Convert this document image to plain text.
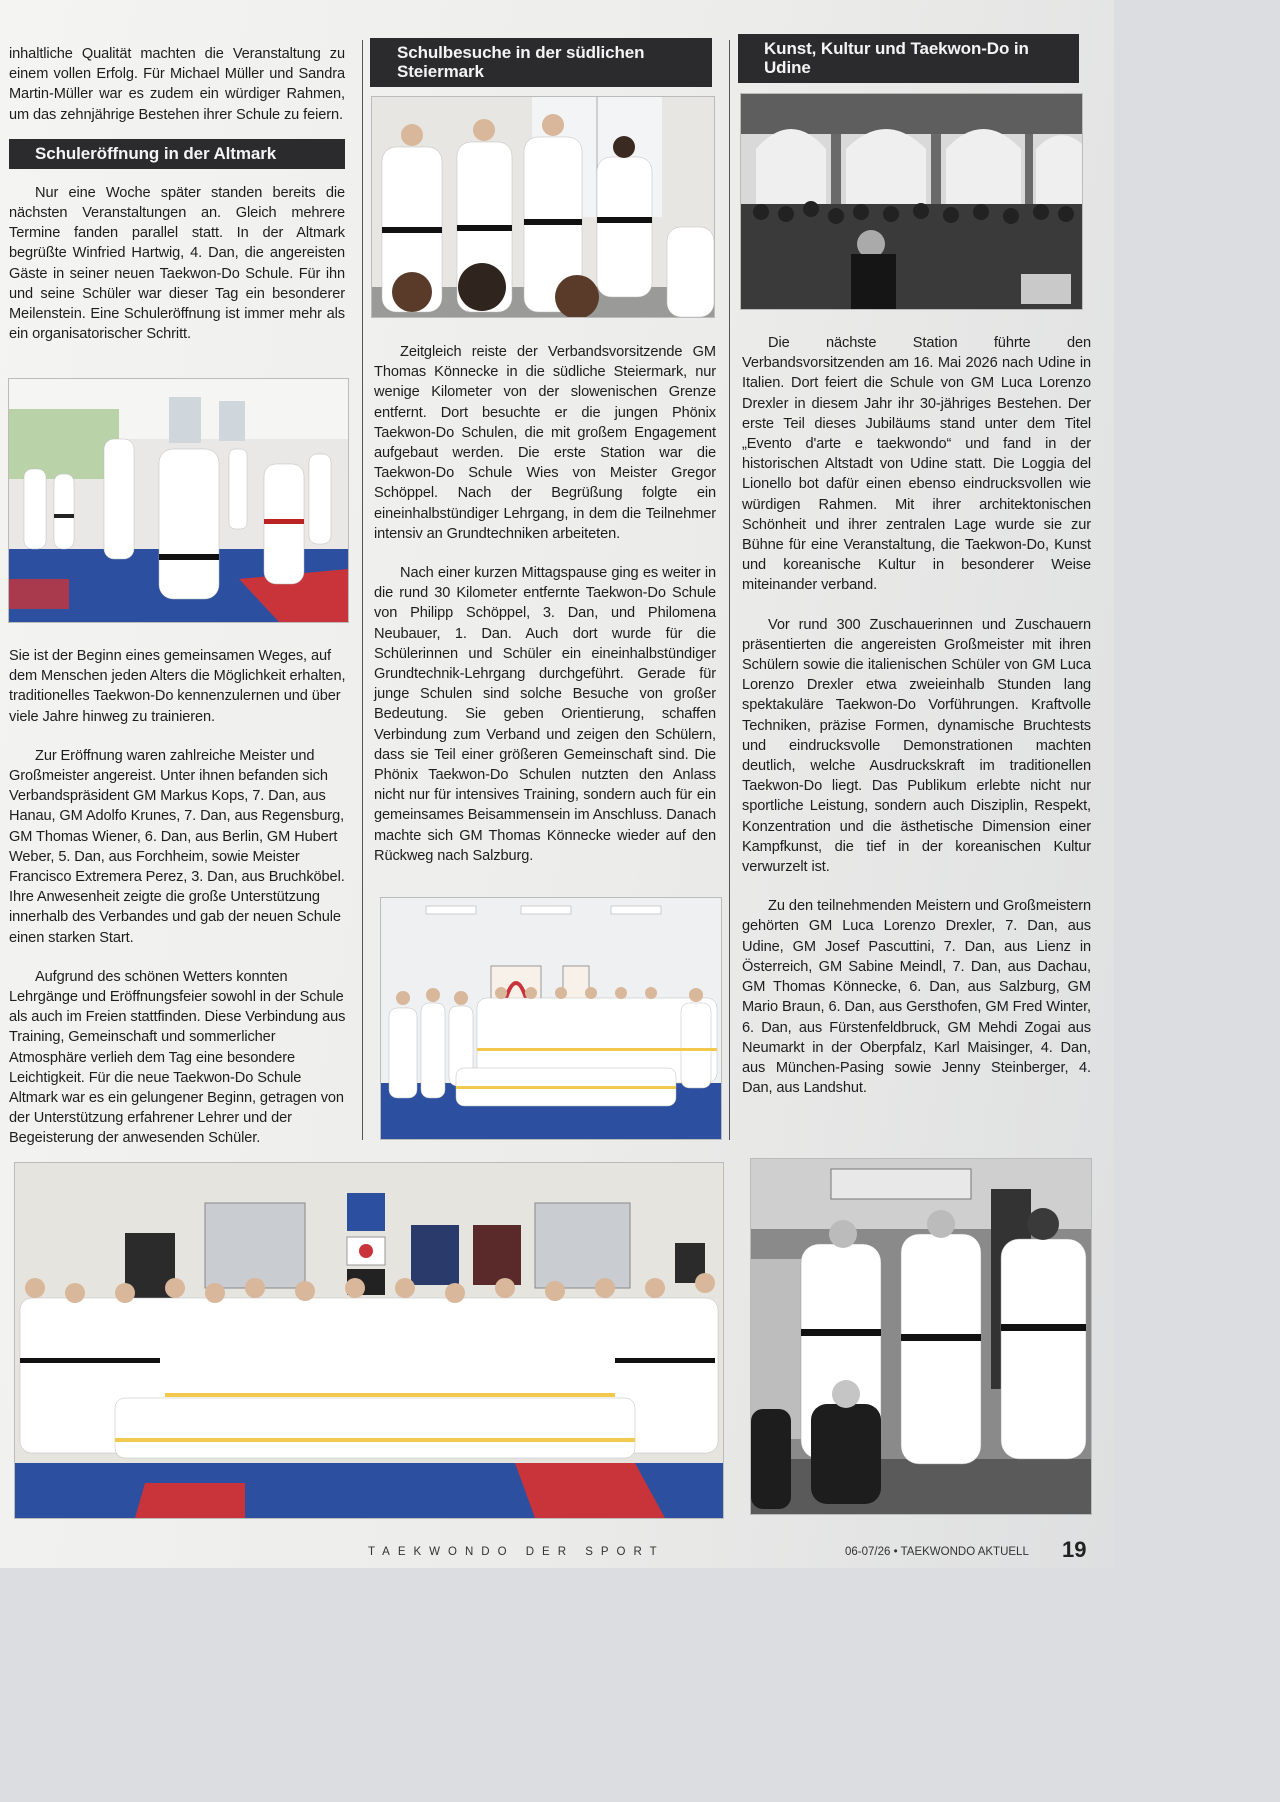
inhaltliche Qualität machten die Veranstaltung zu einem vollen Erfolg. Für Michael Müller und Sandra Martin-Müller war es zudem ein würdiger Rahmen, um das zehnjährige Bestehen ihrer Schule zu feiern.

Schuleröffnung in der Altmark

Nur eine Woche später standen bereits die nächsten Veranstaltungen an. Gleich mehrere Termine fanden parallel statt. In der Altmark begrüßte Winfried Hartwig, 4. Dan, die angereisten Gäste in seiner neuen Taekwon-Do Schule. Für ihn und seine Schüler war dieser Tag ein besonderer Meilenstein. Eine Schuleröffnung ist immer mehr als ein organisatorischer Schritt.

Sie ist der Beginn eines gemeinsamen Weges, auf dem Menschen jeden Alters die Möglichkeit erhalten, traditionelles Taekwon-Do kennenzulernen und über viele Jahre hinweg zu trainieren.

Zur Eröffnung waren zahlreiche Meister und Großmeister angereist. Unter ihnen befanden sich Verbandspräsident GM Markus Kops, 7. Dan, aus Hanau, GM Adolfo Krunes, 7. Dan, aus Regensburg, GM Thomas Wiener, 6. Dan, aus Berlin, GM Hubert Weber, 5. Dan, aus Forchheim, sowie Meister Francisco Extremera Perez, 3. Dan, aus Bruchköbel. Ihre Anwesenheit zeigte die große Unterstützung innerhalb des Verbandes und gab der neuen Schule einen starken Start.

Aufgrund des schönen Wetters konnten Lehrgänge und Eröffnungsfeier sowohl in der Schule als auch im Freien stattfinden. Diese Verbindung aus Training, Gemeinschaft und sommerlicher Atmosphäre verlieh dem Tag eine besondere Leichtigkeit. Für die neue Taekwon-Do Schule Altmark war es ein gelungener Beginn, getragen von der Unterstützung erfahrener Lehrer und der Begeisterung der anwesenden Schüler.

Schulbesuche in der südlichen Steiermark

Zeitgleich reiste der Verbandsvorsitzende GM Thomas Könnecke in die südliche Steiermark, nur wenige Kilometer von der slowenischen Grenze entfernt. Dort besuchte er die jungen Phönix Taekwon-Do Schulen, die mit großem Engagement aufgebaut werden. Die erste Station war die Taekwon-Do Schule Wies von Meister Gregor Schöppel. Nach der Begrüßung folgte ein eineinhalbstündiger Lehrgang, in dem die Teilnehmer intensiv an Grundtechniken arbeiteten.

Nach einer kurzen Mittagspause ging es weiter in die rund 30 Kilometer entfernte Taekwon-Do Schule von Philipp Schöppel, 3. Dan, und Philomena Neubauer, 1. Dan. Auch dort wurde für die Schülerinnen und Schüler ein eineinhalbstündiger Grundtechnik-Lehrgang durchgeführt. Gerade für junge Schulen sind solche Besuche von großer Bedeutung. Sie geben Orientierung, schaffen Verbindung zum Verband und zeigen den Schülern, dass sie Teil einer größeren Gemeinschaft sind. Die Phönix Taekwon-Do Schulen nutzten den Anlass nicht nur für intensives Training, sondern auch für ein gemeinsames Beisammensein im Anschluss. Danach machte sich GM Thomas Könnecke wieder auf den Rückweg nach Salzburg.

Kunst, Kultur und Taekwon-Do in Udine

Die nächste Station führte den Verbandsvorsitzenden am 16. Mai 2026 nach Udine in Italien. Dort feiert die Schule von GM Luca Lorenzo Drexler in diesem Jahr ihr 30-jähriges Bestehen. Der erste Teil dieses Jubiläums stand unter dem Titel „Evento d'arte e taekwondo“ und fand in der historischen Altstadt von Udine statt. Die Loggia del Lionello bot dafür einen ebenso eindrucksvollen wie würdigen Rahmen. Mit ihrer architektonischen Schönheit und ihrer zentralen Lage wurde sie zur Bühne für eine Veranstaltung, die Taekwon-Do, Kunst und koreanische Kultur in besonderer Weise miteinander verband.

Vor rund 300 Zuschauerinnen und Zuschauern präsentierten die angereisten Großmeister mit ihren Schülern sowie die italienischen Schüler von GM Luca Lorenzo Drexler etwa zweieinhalb Stunden lang spektakuläre Taekwon-Do Vorführungen. Kraftvolle Techniken, präzise Formen, dynamische Bruchtests und eindrucksvolle Demonstrationen machten deutlich, welche Ausdruckskraft im traditionellen Taekwon-Do liegt. Das Publikum erlebte nicht nur sportliche Leistung, sondern auch Disziplin, Respekt, Konzentration und die ästhetische Dimension einer Kampfkunst, die tief in der koreanischen Kultur verwurzelt ist.

Zu den teilnehmenden Meistern und Großmeistern gehörten GM Luca Lorenzo Drexler, 7. Dan, aus Udine, GM Josef Pascuttini, 7. Dan, aus Lienz in Österreich, GM Sabine Meindl, 7. Dan, aus Dachau, GM Thomas Könnecke, 6. Dan, aus Salzburg, GM Mario Braun, 6. Dan, aus Gersthofen, GM Fred Winter, 6. Dan, aus Fürstenfeldbruck, GM Mehdi Zogai aus Neumarkt in der Oberpfalz, Karl Maisinger, 4. Dan, aus München-Pasing sowie Jenny Steinberger, 4. Dan, aus Landshut.

TAEKWONDO DER SPORT	06-07/26 • TAEKWONDO AKTUELL 19
